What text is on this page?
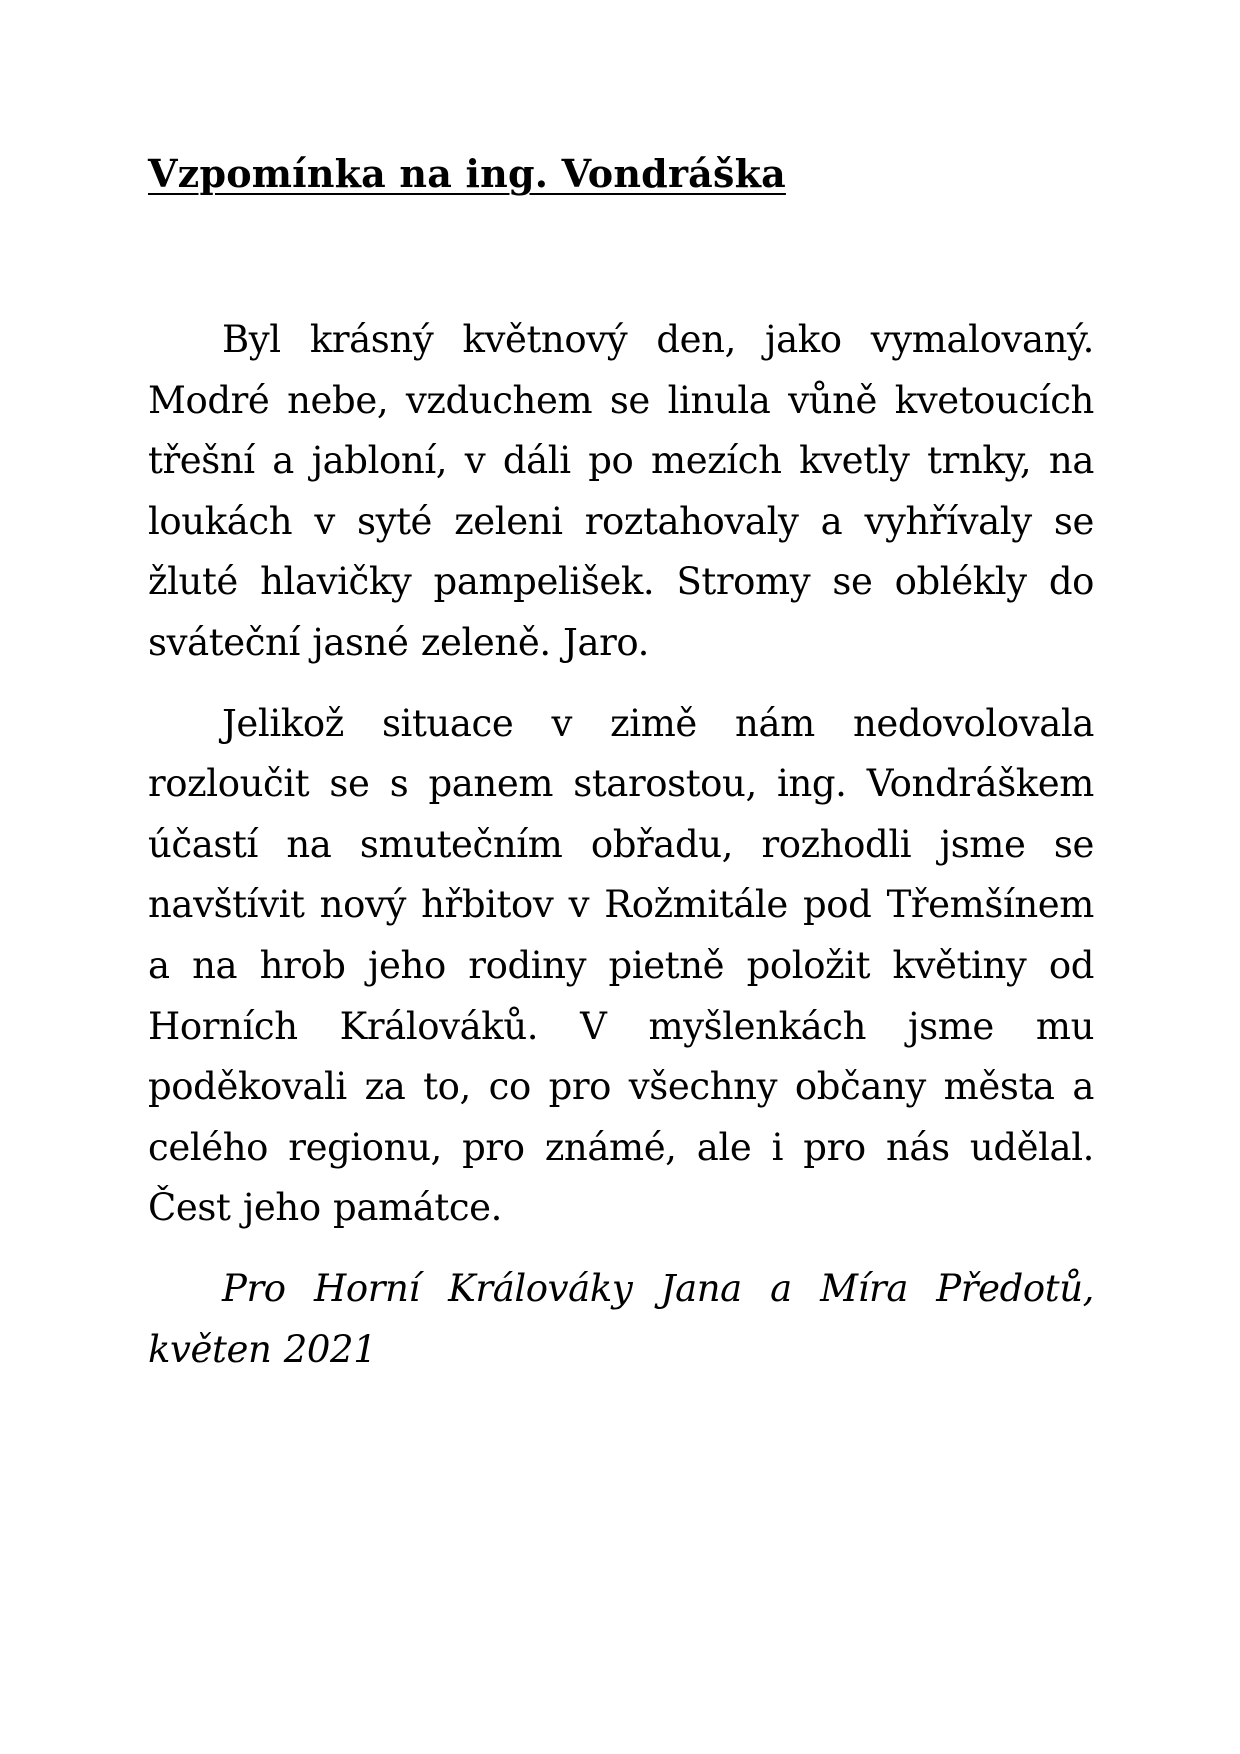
Vzpomínka na ing. Vondráška

Byl krásný květnový den, jako vymalovaný. Modré nebe, vzduchem se linula vůně kvetoucích třešní a jabloní, v dáli po mezích kvetly trnky, na loukách v syté zeleni roztahovaly a vyhřívaly se žluté hlavičky pampelišek. Stromy se oblékly do sváteční jasné zeleně. Jaro.

Jelikož situace v zimě nám nedovolovala rozloučit se s panem starostou, ing. Vondráškem účastí na smutečním obřadu, rozhodli jsme se navštívit nový hřbitov v Rožmitále pod Třemšínem a na hrob jeho rodiny pietně položit květiny od Horních Králováků. V myšlenkách jsme mu poděkovali za to, co pro všechny občany města a celého regionu, pro známé, ale i pro nás udělal. Čest jeho památce.

Pro Horní Králováky Jana a Míra Předotů, květen 2021
